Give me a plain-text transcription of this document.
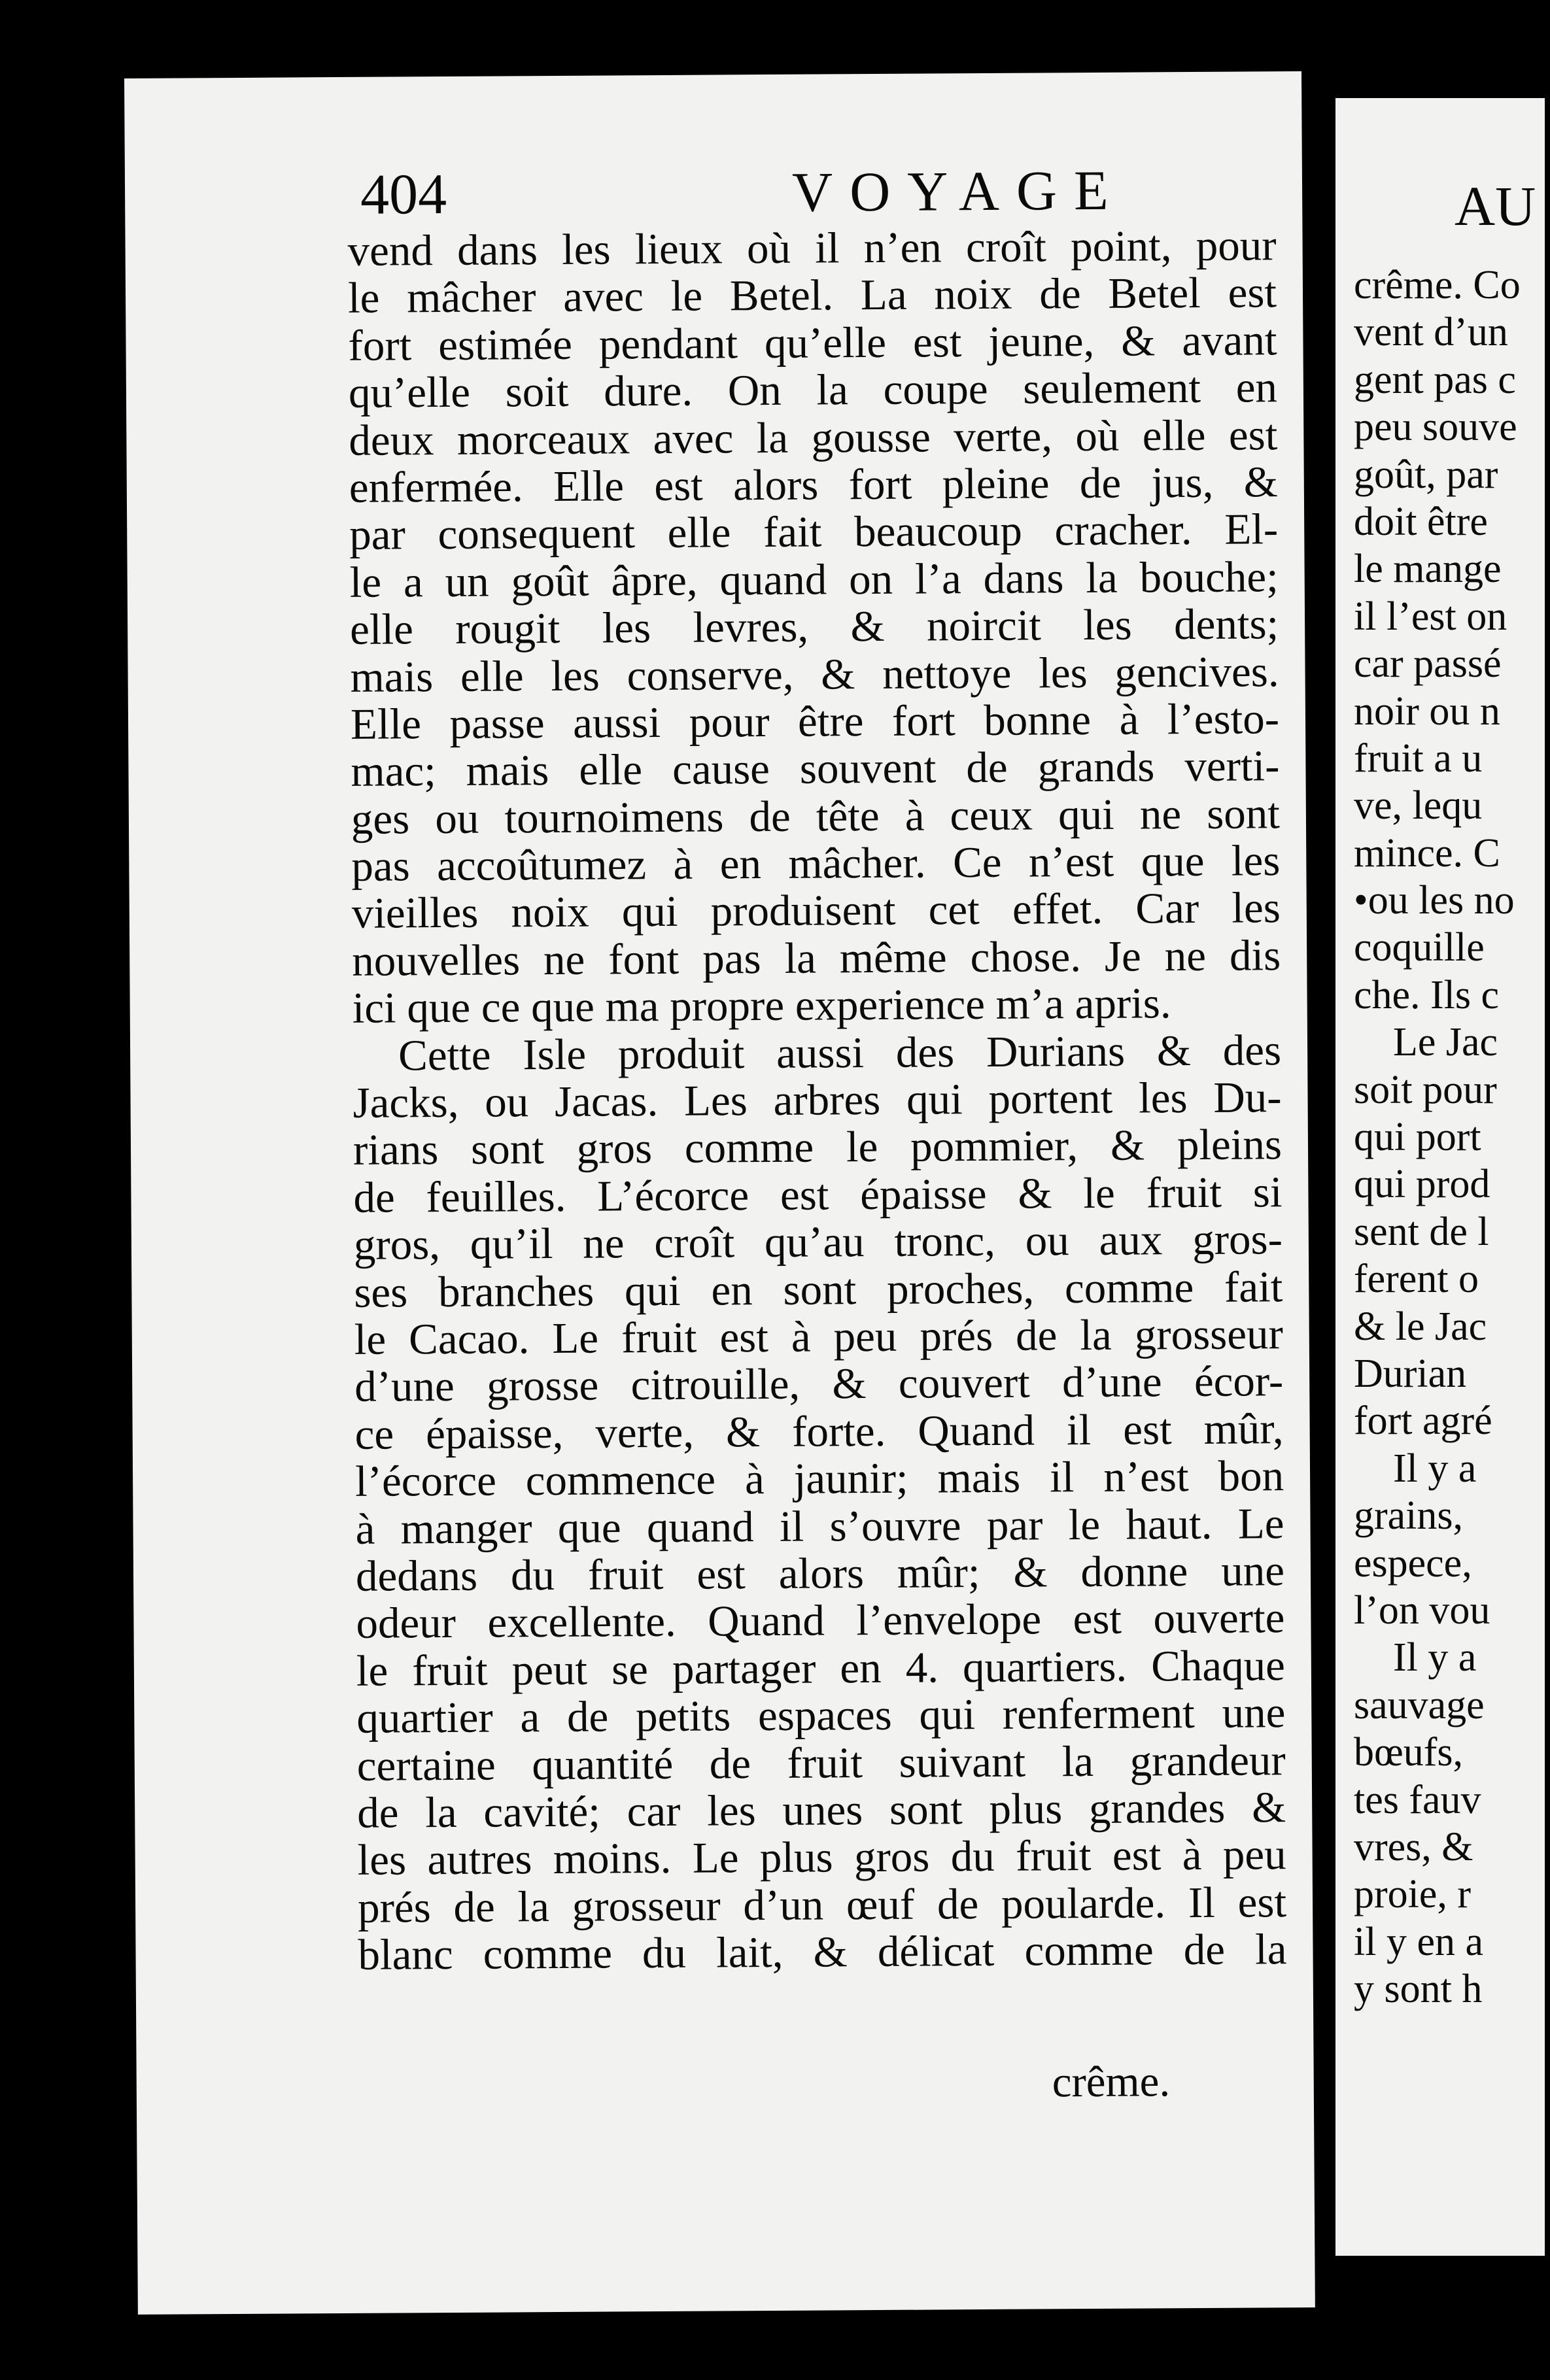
404	VOYAGE
vend dans les lieux où il n’en croît point, pour
le mâcher avec le Betel. La noix de Betel est
fort estimée pendant qu’elle est jeune, & avant
qu’elle soit dure. On la coupe seulement en
deux morceaux avec la gousse verte, où elle est
enfermée. Elle est alors fort pleine de jus, &
par consequent elle fait beaucoup cracher. El-
le a un goût âpre, quand on l’a dans la bouche;
elle rougit les levres, & noircit les dents;
mais elle les conserve, & nettoye les gencives.
Elle passe aussi pour être fort bonne à l’esto-
mac; mais elle cause souvent de grands verti-
ges ou tournoimens de tête à ceux qui ne sont
pas accoûtumez à en mâcher. Ce n’est que les
vieilles noix qui produisent cet effet. Car les
nouvelles ne font pas la même chose. Je ne dis
ici que ce que ma propre experience m’a apris.
Cette Isle produit aussi des Durians & des
Jacks, ou Jacas. Les arbres qui portent les Du-
rians sont gros comme le pommier, & pleins
de feuilles. L’écorce est épaisse & le fruit si
gros, qu’il ne croît qu’au tronc, ou aux gros-
ses branches qui en sont proches, comme fait
le Cacao. Le fruit est à peu prés de la grosseur
d’une grosse citrouille, & couvert d’une écor-
ce épaisse, verte, & forte. Quand il est mûr,
l’écorce commence à jaunir; mais il n’est bon
à manger que quand il s’ouvre par le haut. Le
dedans du fruit est alors mûr; & donne une
odeur excellente. Quand l’envelope est ouverte
le fruit peut se partager en 4. quartiers. Chaque
quartier a de petits espaces qui renferment une
certaine quantité de fruit suivant la grandeur
de la cavité; car les unes sont plus grandes &
les autres moins. Le plus gros du fruit est à peu
prés de la grosseur d’un œuf de poularde. Il est
blanc comme du lait, & délicat comme de la
crême.
AU
crême. Co
vent d’un
gent pas c
peu souve
goût, par
doit être
le mange
il l’est on
car passé
noir ou n
fruit a u
ve, lequ
mince. C
•ou les no
coquille
che. Ils c
Le Jac
soit pour
qui port
qui prod
sent de l
ferent o
& le Jac
Durian
fort agré
Il y a
grains,
espece,
l’on vou
Il y a
sauvage
bœufs,
tes fauv
vres, &
proie, r
il y en a
y sont h
